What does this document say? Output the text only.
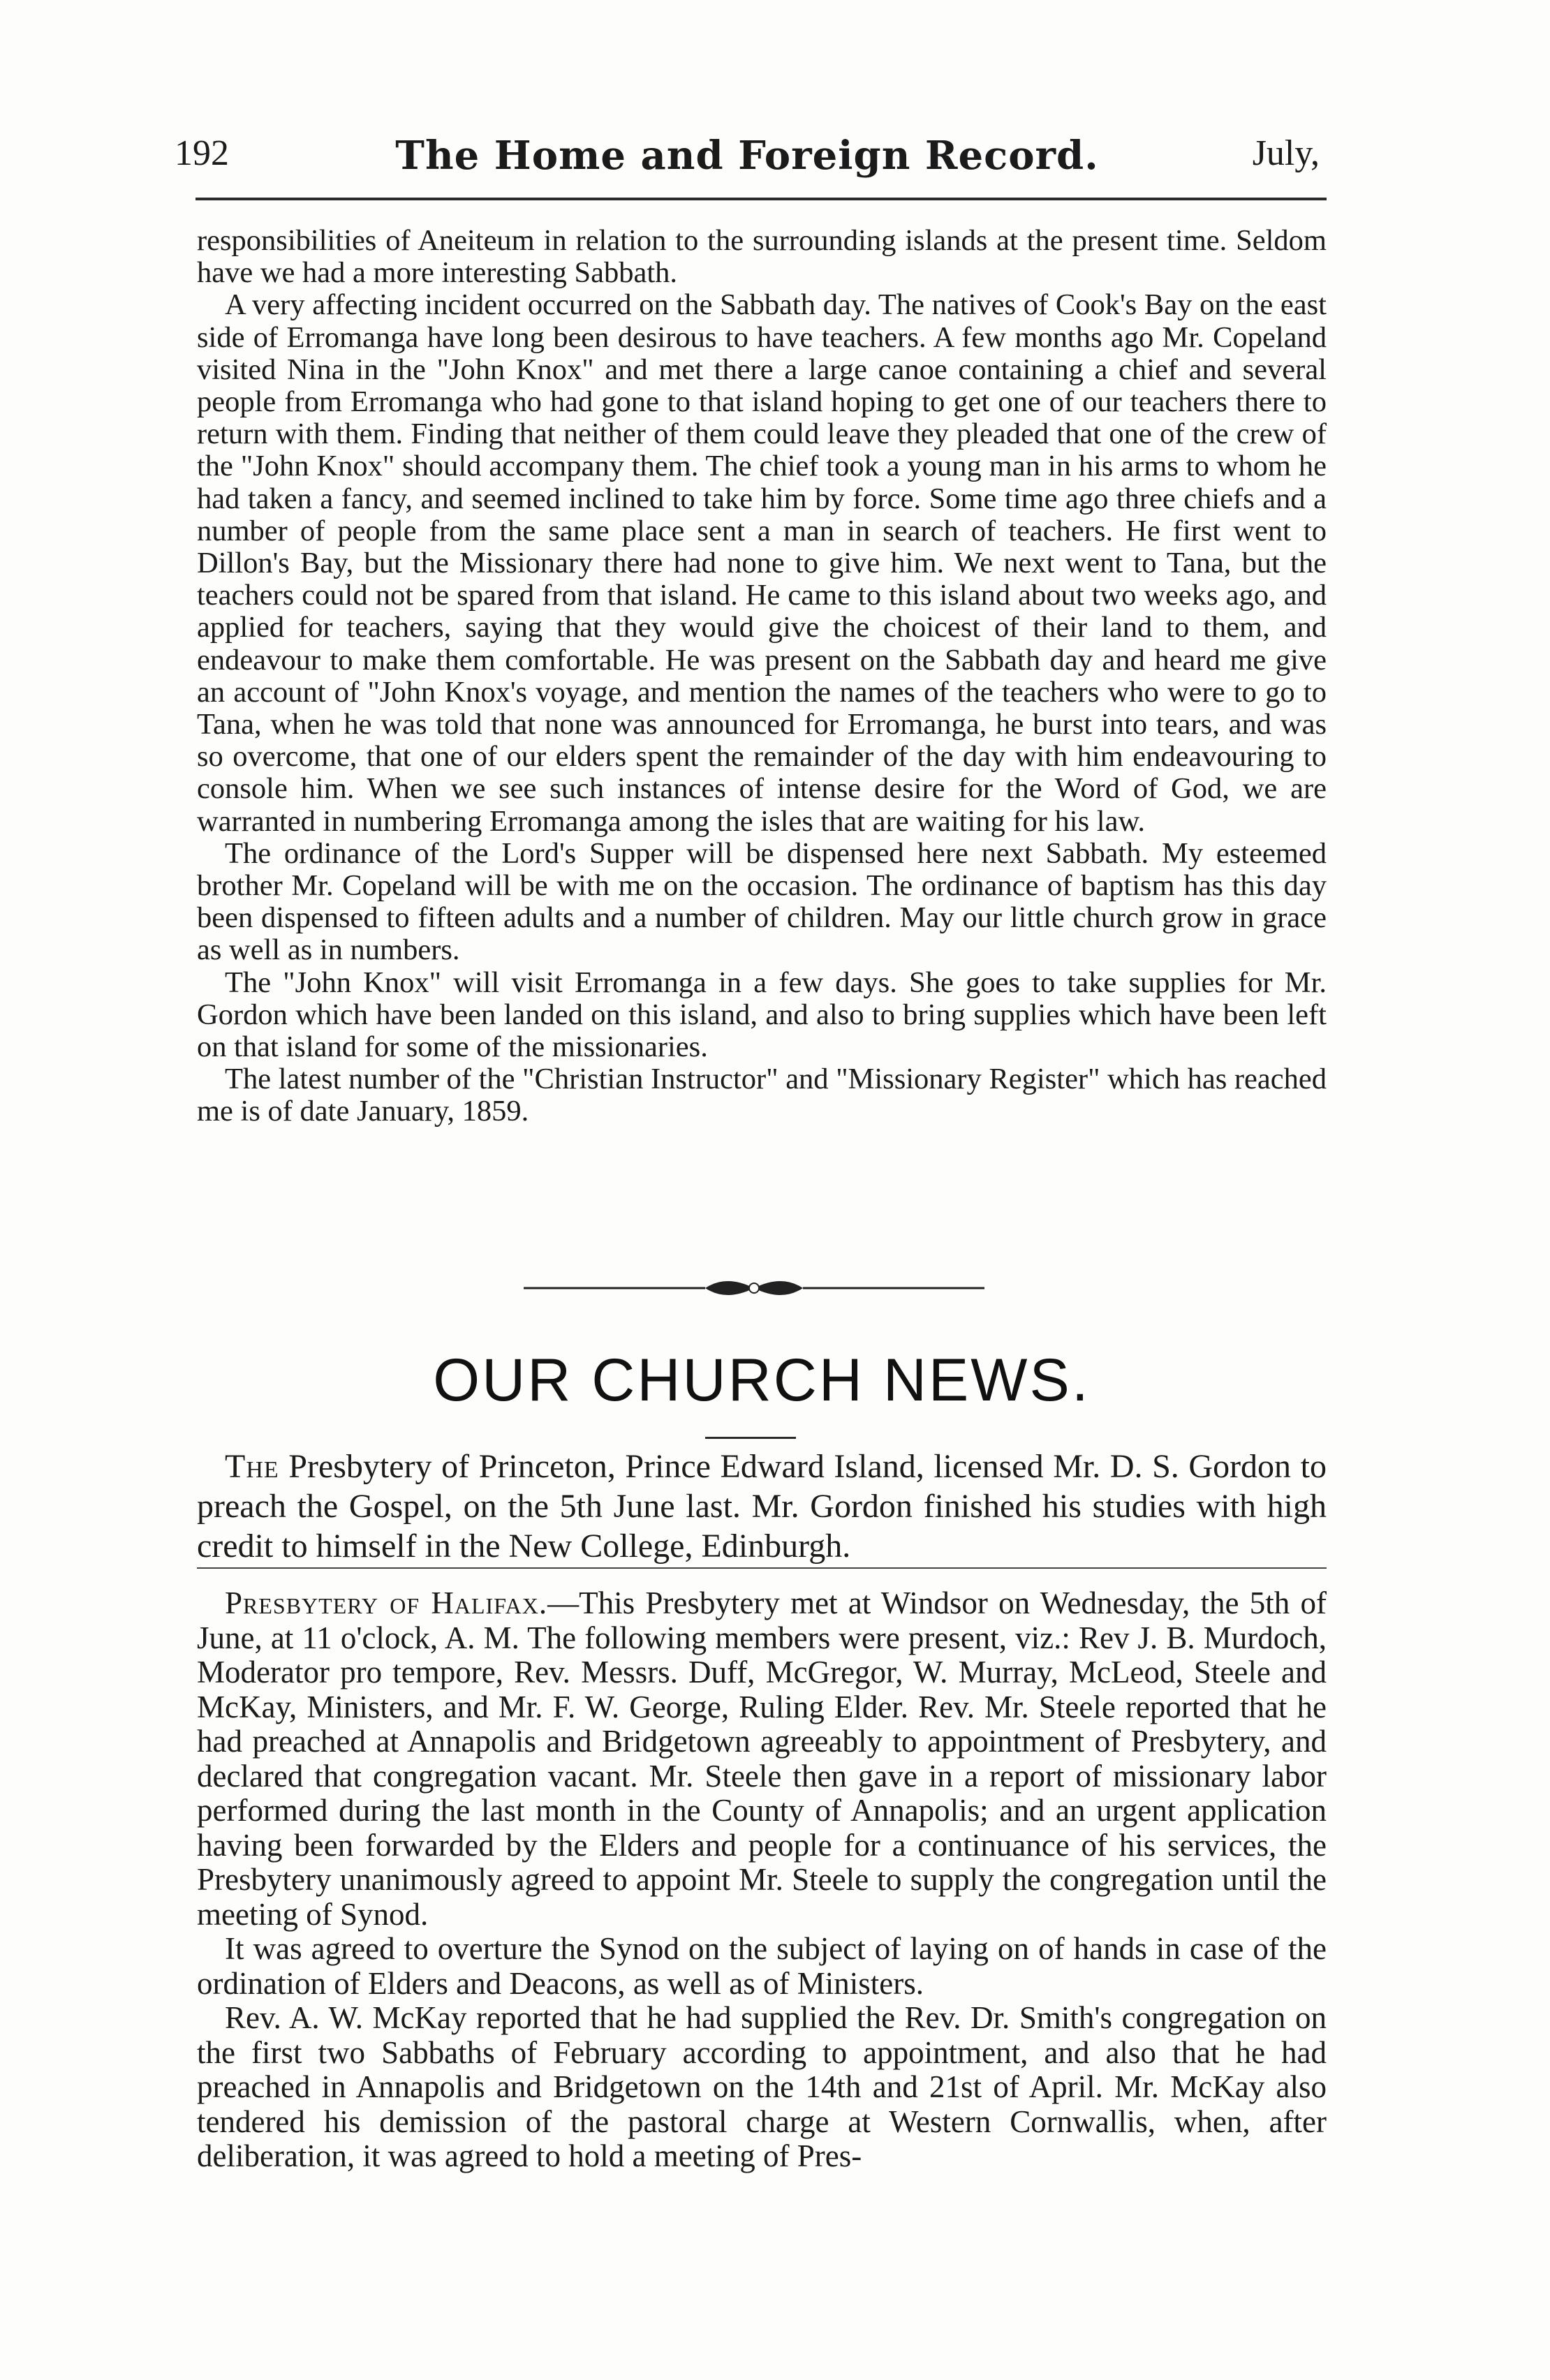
192	The Home and Foreign Record.	July,

responsibilities of Aneiteum in relation to the surrounding islands at the present time. Seldom have we had a more interesting Sabbath.

A very affecting incident occurred on the Sabbath day. The natives of Cook's Bay on the east side of Erromanga have long been desirous to have teachers. A few months ago Mr. Copeland visited Nina in the "John Knox" and met there a large canoe containing a chief and several people from Erromanga who had gone to that island hoping to get one of our teachers there to return with them. Finding that neither of them could leave they pleaded that one of the crew of the "John Knox" should accompany them. The chief took a young man in his arms to whom he had taken a fancy, and seemed inclined to take him by force. Some time ago three chiefs and a number of people from the same place sent a man in search of teachers. He first went to Dillon's Bay, but the Missionary there had none to give him. We next went to Tana, but the teachers could not be spared from that island. He came to this island about two weeks ago, and applied for teachers, saying that they would give the choicest of their land to them, and endeavour to make them comfortable. He was present on the Sabbath day and heard me give an account of "John Knox's voyage, and mention the names of the teachers who were to go to Tana, when he was told that none was announced for Erromanga, he burst into tears, and was so overcome, that one of our elders spent the remainder of the day with him endeavouring to console him. When we see such instances of intense desire for the Word of God, we are warranted in numbering Erromanga among the isles that are waiting for his law.

The ordinance of the Lord's Supper will be dispensed here next Sabbath. My esteemed brother Mr. Copeland will be with me on the occasion. The ordinance of baptism has this day been dispensed to fifteen adults and a number of children. May our little church grow in grace as well as in numbers.

The "John Knox" will visit Erromanga in a few days. She goes to take supplies for Mr. Gordon which have been landed on this island, and also to bring supplies which have been left on that island for some of the missionaries.

The latest number of the "Christian Instructor" and "Missionary Register" which has reached me is of date January, 1859.

OUR CHURCH NEWS.

The Presbytery of Princeton, Prince Edward Island, licensed Mr. D. S. Gordon to preach the Gospel, on the 5th June last. Mr. Gordon finished his studies with high credit to himself in the New College, Edinburgh.

Presbytery of Halifax.—This Presbytery met at Windsor on Wednesday, the 5th of June, at 11 o'clock, A. M. The following members were present, viz.: Rev J. B. Murdoch, Moderator pro tempore, Rev. Messrs. Duff, McGregor, W. Murray, McLeod, Steele and McKay, Ministers, and Mr. F. W. George, Ruling Elder. Rev. Mr. Steele reported that he had preached at Annapolis and Bridgetown agreeably to appointment of Presbytery, and declared that congregation vacant. Mr. Steele then gave in a report of missionary labor performed during the last month in the County of Annapolis; and an urgent application having been forwarded by the Elders and people for a continuance of his services, the Presbytery unanimously agreed to appoint Mr. Steele to supply the congregation until the meeting of Synod.

It was agreed to overture the Synod on the subject of laying on of hands in case of the ordination of Elders and Deacons, as well as of Ministers.

Rev. A. W. McKay reported that he had supplied the Rev. Dr. Smith's congregation on the first two Sabbaths of February according to appointment, and also that he had preached in Annapolis and Bridgetown on the 14th and 21st of April. Mr. McKay also tendered his demission of the pastoral charge at Western Cornwallis, when, after deliberation, it was agreed to hold a meeting of Pres-
